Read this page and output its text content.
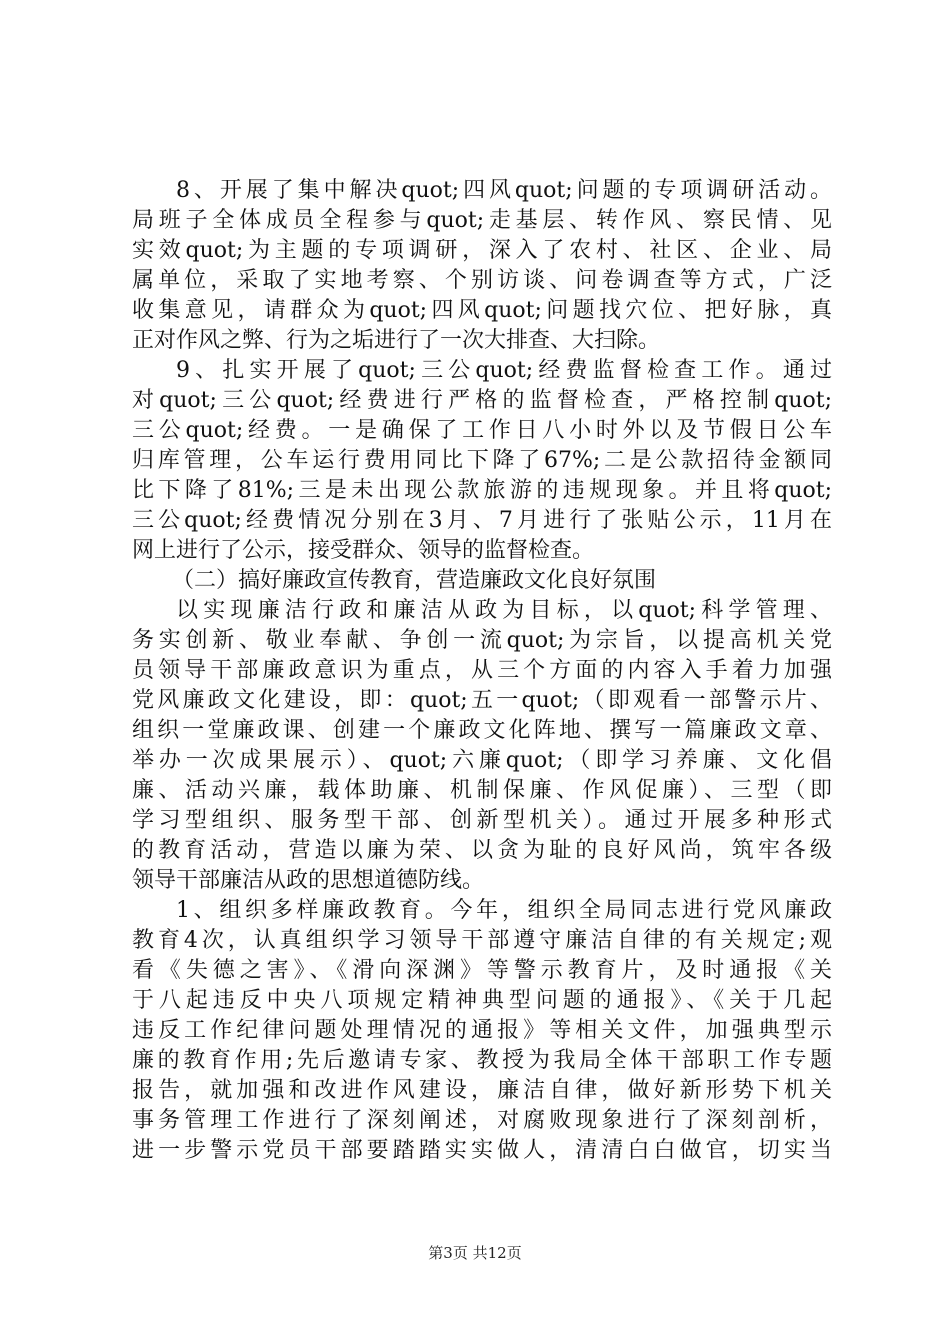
8、开展了集中解决quot;四风quot;问题的专项调研活动。
局班子全体成员全程参与quot;走基层、转作风、察民情、见
实效quot;为主题的专项调研，深入了农村、社区、企业、局
属单位，采取了实地考察、个别访谈、问卷调查等方式，广泛
收集意见，请群众为quot;四风quot;问题找穴位、把好脉，真
正对作风之弊、行为之垢进行了一次大排查、大扫除。
9、扎实开展了quot;三公quot;经费监督检查工作。通过
对quot;三公quot;经费进行严格的监督检查，严格控制quot;
三公quot;经费。一是确保了工作日八小时外以及节假日公车
归库管理，公车运行费用同比下降了67%;二是公款招待金额同
比下降了81%;三是未出现公款旅游的违规现象。并且将quot;
三公quot;经费情况分别在3月、7月进行了张贴公示，11月在
网上进行了公示，接受群众、领导的监督检查。
（二）搞好廉政宣传教育，营造廉政文化良好氛围
以实现廉洁行政和廉洁从政为目标，以quot;科学管理、
务实创新、敬业奉献、争创一流quot;为宗旨，以提高机关党
员领导干部廉政意识为重点，从三个方面的内容入手着力加强
党风廉政文化建设，即：quot;五一quot;（即观看一部警示片、
组织一堂廉政课、创建一个廉政文化阵地、撰写一篇廉政文章、
举办一次成果展示）、quot;六廉quot;（即学习养廉、文化倡
廉、活动兴廉，载体助廉、机制保廉、作风促廉）、三型（即
学习型组织、服务型干部、创新型机关）。通过开展多种形式
的教育活动，营造以廉为荣、以贪为耻的良好风尚，筑牢各级
领导干部廉洁从政的思想道德防线。
1、组织多样廉政教育。今年，组织全局同志进行党风廉政
教育4次，认真组织学习领导干部遵守廉洁自律的有关规定;观
看《失德之害》、《滑向深渊》等警示教育片，及时通报《关
于八起违反中央八项规定精神典型问题的通报》、《关于几起
违反工作纪律问题处理情况的通报》等相关文件，加强典型示
廉的教育作用;先后邀请专家、教授为我局全体干部职工作专题
报告，就加强和改进作风建设，廉洁自律，做好新形势下机关
事务管理工作进行了深刻阐述，对腐败现象进行了深刻剖析，
进一步警示党员干部要踏踏实实做人，清清白白做官，切实当
第3页 共12页
